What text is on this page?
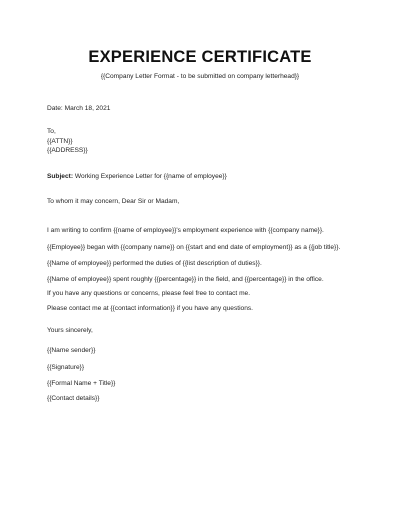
EXPERIENCE CERTIFICATE
{{Company Letter Format - to be submitted on company letterhead}}
Date: March 18, 2021
To,
{{ATTN}}
{{ADDRESS}}
Subject: Working Experience Letter for {{name of employee}}
To whom it may concern, Dear Sir or Madam,
I am writing to confirm {{name of employee}}'s employment experience with {{company name}}.
{{Employee}} began with {{company name}} on {{start and end date of employment}} as a {{job title}}.
{{Name of employee}} performed the duties of {{list description of duties}}.
{{Name of employee}} spent roughly {{percentage}} in the field, and {{percentage}} in the office.
If you have any questions or concerns, please feel free to contact me.
Please contact me at {{contact information}} if you have any questions.
Yours sincerely,
{{Name sender}}
{{Signature}}
{{Formal Name + Title}}
{{Contact details}}
